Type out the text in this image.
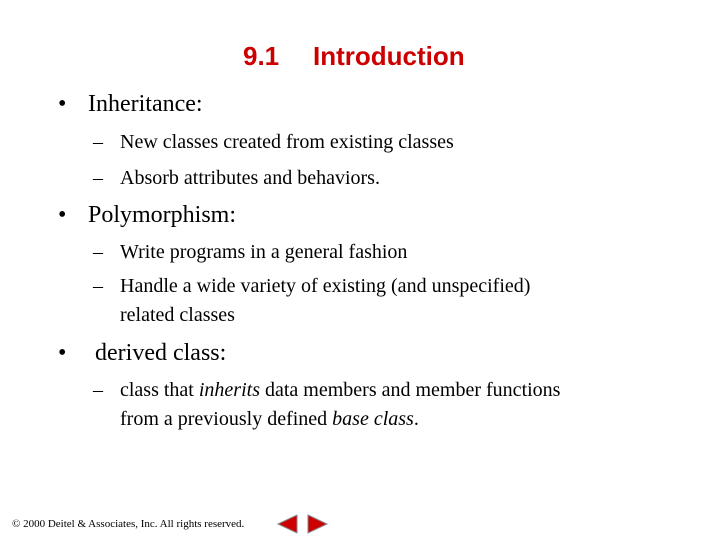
9.1 Introduction
• Inheritance:
– New classes created from existing classes
– Absorb attributes and behaviors.
• Polymorphism:
– Write programs in a general fashion
– Handle a wide variety of existing (and unspecified)
related classes
• derived class:
– class that inherits data members and member functions
from a previously defined base class.
© 2000 Deitel & Associates, Inc. All rights reserved.
